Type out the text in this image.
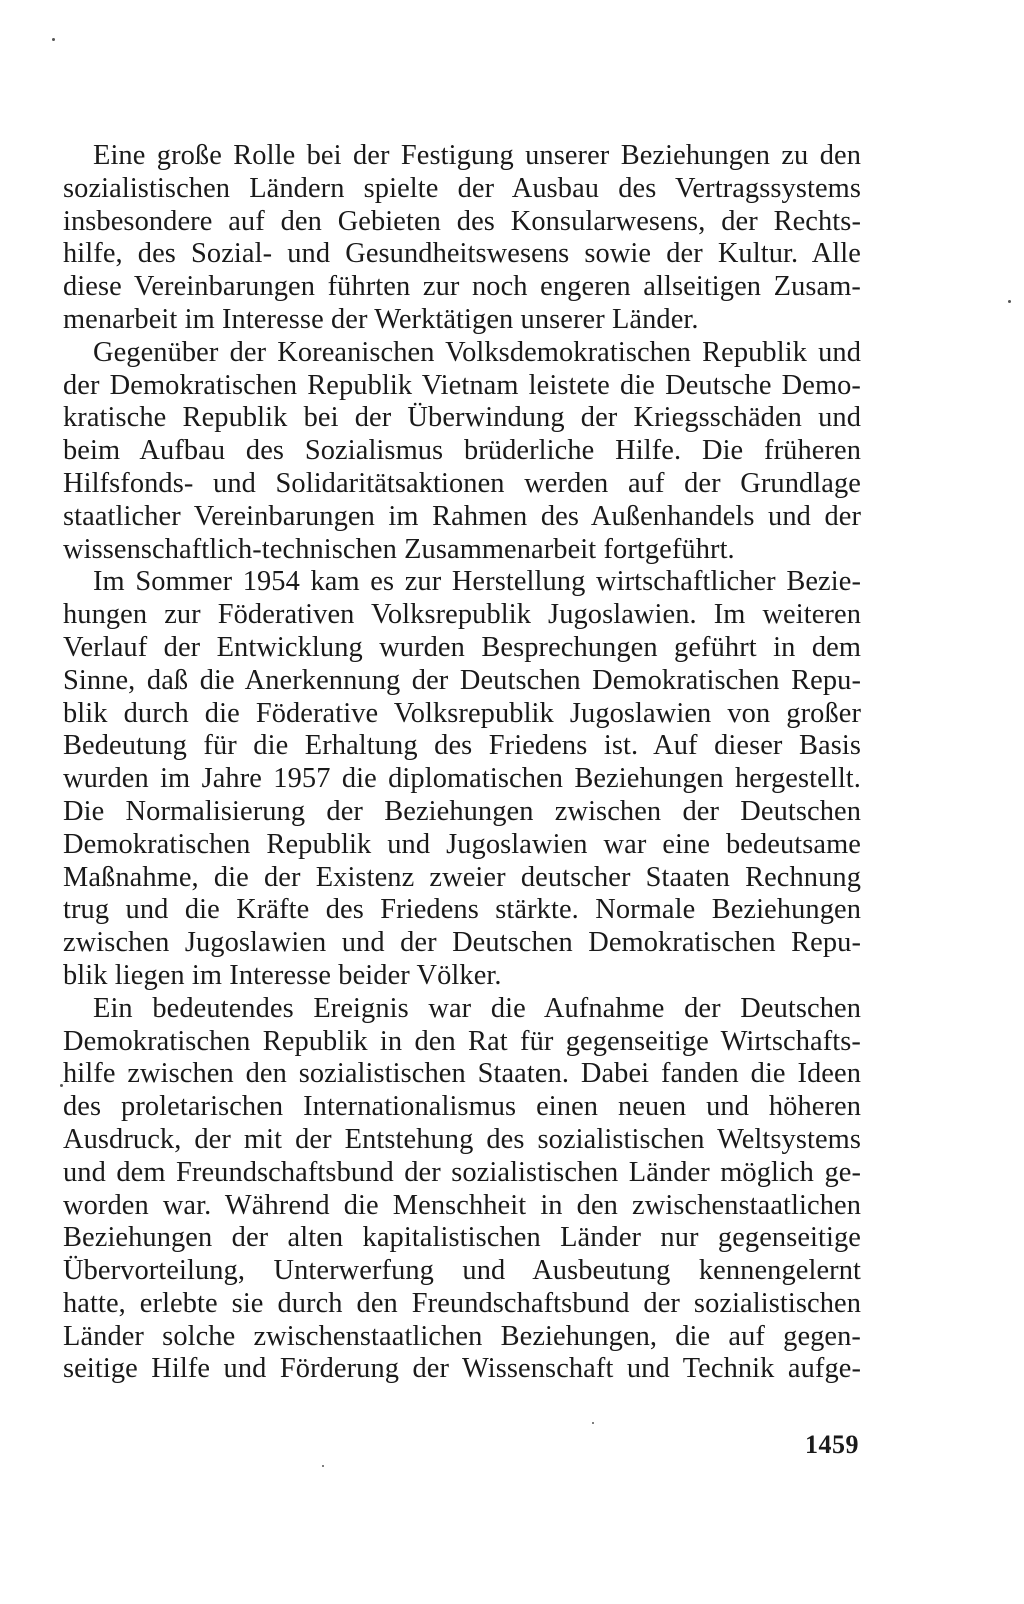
Eine große Rolle bei der Festigung unserer Beziehungen zu den
sozialistischen Ländern spielte der Ausbau des Vertragssystems
insbesondere auf den Gebieten des Konsularwesens, der Rechts-
hilfe, des Sozial- und Gesundheitswesens sowie der Kultur. Alle
diese Vereinbarungen führten zur noch engeren allseitigen Zusam-
menarbeit im Interesse der Werktätigen unserer Länder.
Gegenüber der Koreanischen Volksdemokratischen Republik und
der Demokratischen Republik Vietnam leistete die Deutsche Demo-
kratische Republik bei der Überwindung der Kriegsschäden und
beim Aufbau des Sozialismus brüderliche Hilfe. Die früheren
Hilfsfonds- und Solidaritätsaktionen werden auf der Grundlage
staatlicher Vereinbarungen im Rahmen des Außenhandels und der
wissenschaftlich-technischen Zusammenarbeit fortgeführt.
Im Sommer 1954 kam es zur Herstellung wirtschaftlicher Bezie-
hungen zur Föderativen Volksrepublik Jugoslawien. Im weiteren
Verlauf der Entwicklung wurden Besprechungen geführt in dem
Sinne, daß die Anerkennung der Deutschen Demokratischen Repu-
blik durch die Föderative Volksrepublik Jugoslawien von großer
Bedeutung für die Erhaltung des Friedens ist. Auf dieser Basis
wurden im Jahre 1957 die diplomatischen Beziehungen hergestellt.
Die Normalisierung der Beziehungen zwischen der Deutschen
Demokratischen Republik und Jugoslawien war eine bedeutsame
Maßnahme, die der Existenz zweier deutscher Staaten Rechnung
trug und die Kräfte des Friedens stärkte. Normale Beziehungen
zwischen Jugoslawien und der Deutschen Demokratischen Repu-
blik liegen im Interesse beider Völker.
Ein bedeutendes Ereignis war die Aufnahme der Deutschen
Demokratischen Republik in den Rat für gegenseitige Wirtschafts-
hilfe zwischen den sozialistischen Staaten. Dabei fanden die Ideen
des proletarischen Internationalismus einen neuen und höheren
Ausdruck, der mit der Entstehung des sozialistischen Weltsystems
und dem Freundschaftsbund der sozialistischen Länder möglich ge-
worden war. Während die Menschheit in den zwischenstaatlichen
Beziehungen der alten kapitalistischen Länder nur gegenseitige
Übervorteilung, Unterwerfung und Ausbeutung kennengelernt
hatte, erlebte sie durch den Freundschaftsbund der sozialistischen
Länder solche zwischenstaatlichen Beziehungen, die auf gegen-
seitige Hilfe und Förderung der Wissenschaft und Technik aufge-
1459
